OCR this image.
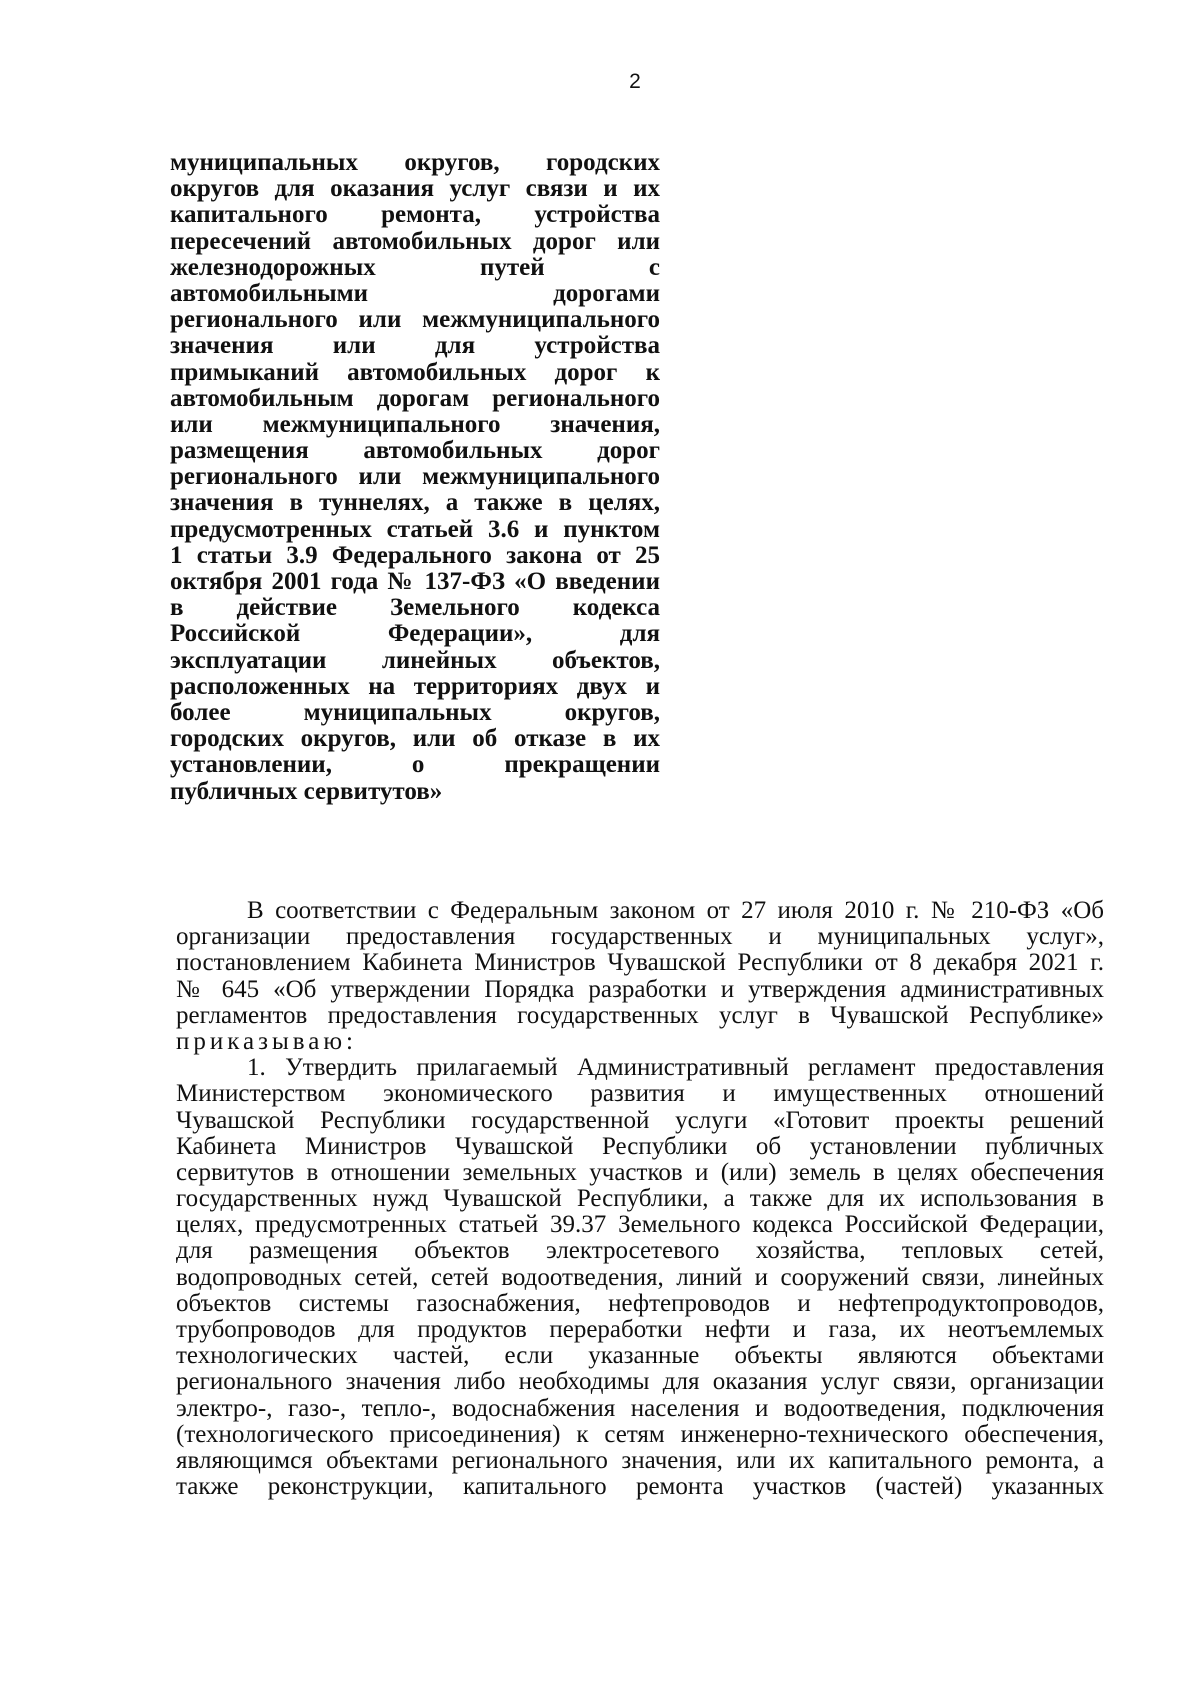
2
муниципальных округов, городских
округов для оказания услуг связи и их
капитального ремонта, устройства
пересечений автомобильных дорог или
железнодорожных путей с
автомобильными дорогами
регионального или межмуниципального
значения или для устройства
примыканий автомобильных дорог к
автомобильным дорогам регионального
или межмуниципального значения,
размещения автомобильных дорог
регионального или межмуниципального
значения в туннелях, а также в целях,
предусмотренных статьей 3.6 и пунктом
1 статьи 3.9 Федерального закона от 25
октября 2001 года № 137-ФЗ «О введении
в действие Земельного кодекса
Российской Федерации», для
эксплуатации линейных объектов,
расположенных на территориях двух и
более муниципальных округов,
городских округов, или об отказе в их
установлении, о прекращении
публичных сервитутов»
В соответствии с Федеральным законом от 27 июля 2010 г. № 210-ФЗ «Об
организации предоставления государственных и муниципальных услуг»,
постановлением Кабинета Министров Чувашской Республики от 8 декабря 2021 г.
№ 645 «Об утверждении Порядка разработки и утверждения административных
регламентов предоставления государственных услуг в Чувашской Республике»
приказываю:
1. Утвердить прилагаемый Административный регламент предоставления
Министерством экономического развития и имущественных отношений
Чувашской Республики государственной услуги «Готовит проекты решений
Кабинета Министров Чувашской Республики об установлении публичных
сервитутов в отношении земельных участков и (или) земель в целях обеспечения
государственных нужд Чувашской Республики, а также для их использования в
целях, предусмотренных статьей 39.37 Земельного кодекса Российской Федерации,
для размещения объектов электросетевого хозяйства, тепловых сетей,
водопроводных сетей, сетей водоотведения, линий и сооружений связи, линейных
объектов системы газоснабжения, нефтепроводов и нефтепродуктопроводов,
трубопроводов для продуктов переработки нефти и газа, их неотъемлемых
технологических частей, если указанные объекты являются объектами
регионального значения либо необходимы для оказания услуг связи, организации
электро-, газо-, тепло-, водоснабжения населения и водоотведения, подключения
(технологического присоединения) к сетям инженерно-технического обеспечения,
являющимся объектами регионального значения, или их капитального ремонта, а
также реконструкции, капитального ремонта участков (частей) указанных
